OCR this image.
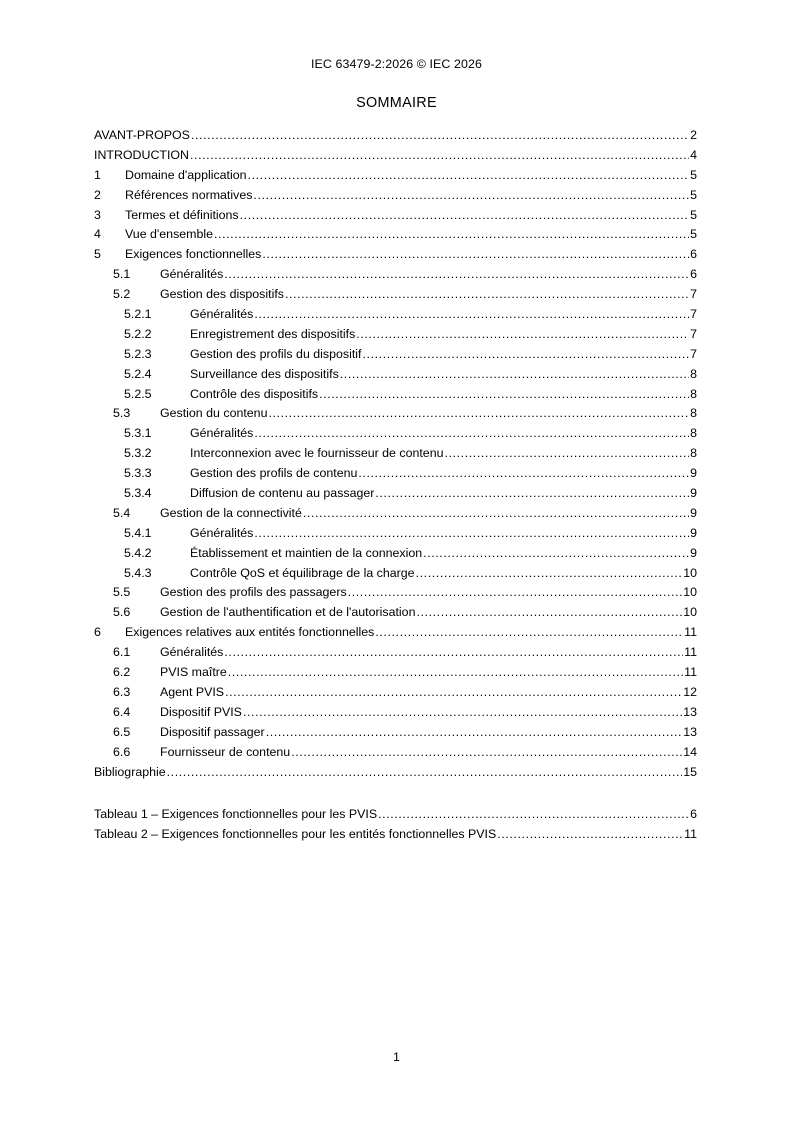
IEC 63479-2:2026 © IEC 2026
SOMMAIRE
AVANT-PROPOS .....	2
INTRODUCTION .....	4
1	Domaine d'application .....	5
2	Références normatives .....	5
3	Termes et définitions .....	5
4	Vue d'ensemble .....	5
5	Exigences fonctionnelles .....	6
5.1	Généralités .....	6
5.2	Gestion des dispositifs .....	7
5.2.1	Généralités .....	7
5.2.2	Enregistrement des dispositifs .....	7
5.2.3	Gestion des profils du dispositif .....	7
5.2.4	Surveillance des dispositifs .....	8
5.2.5	Contrôle des dispositifs .....	8
5.3	Gestion du contenu .....	8
5.3.1	Généralités .....	8
5.3.2	Interconnexion avec le fournisseur de contenu .....	8
5.3.3	Gestion des profils de contenu .....	9
5.3.4	Diffusion de contenu au passager .....	9
5.4	Gestion de la connectivité .....	9
5.4.1	Généralités .....	9
5.4.2	Établissement et maintien de la connexion .....	9
5.4.3	Contrôle QoS et équilibrage de la charge .....	10
5.5	Gestion des profils des passagers .....	10
5.6	Gestion de l'authentification et de l'autorisation .....	10
6	Exigences relatives aux entités fonctionnelles .....	11
6.1	Généralités .....	11
6.2	PVIS maître .....	11
6.3	Agent PVIS .....	12
6.4	Dispositif PVIS .....	13
6.5	Dispositif passager .....	13
6.6	Fournisseur de contenu .....	14
Bibliographie .....	15
Tableau 1 – Exigences fonctionnelles pour les PVIS .....	6
Tableau 2 – Exigences fonctionnelles pour les entités fonctionnelles PVIS .....	11
1
